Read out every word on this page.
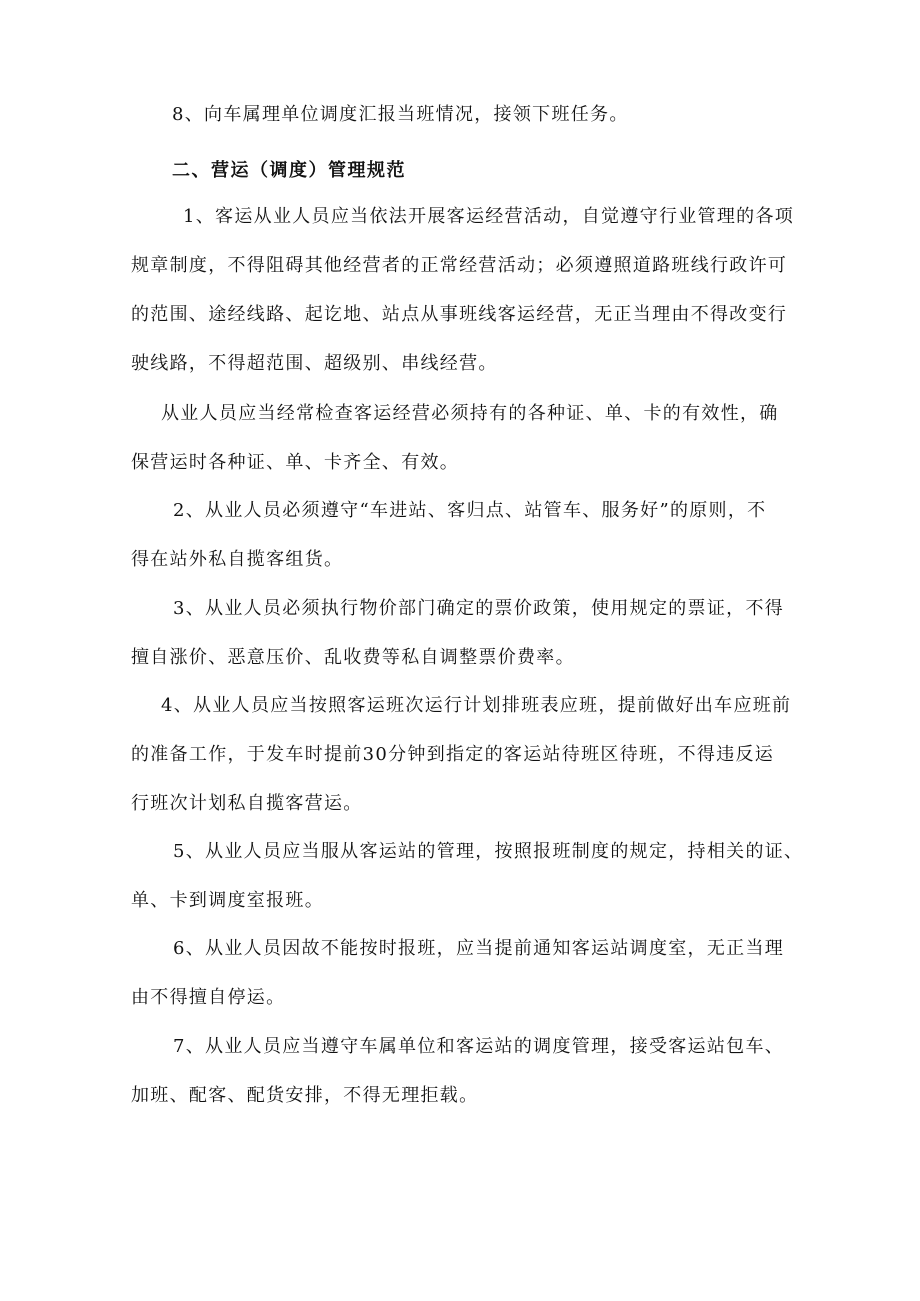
8、向车属理单位调度汇报当班情况，接领下班任务。

二、营运（调度）管理规范

1、客运从业人员应当依法开展客运经营活动，自觉遵守行业管理的各项
规章制度，不得阻碍其他经营者的正常经营活动；必须遵照道路班线行政许可
的范围、途经线路、起讫地、站点从事班线客运经营，无正当理由不得改变行
驶线路，不得超范围、超级别、串线经营。

从业人员应当经常检查客运经营必须持有的各种证、单、卡的有效性，确
保营运时各种证、单、卡齐全、有效。

2、从业人员必须遵守“车进站、客归点、站管车、服务好”的原则，不
得在站外私自揽客组货。

3、从业人员必须执行物价部门确定的票价政策，使用规定的票证，不得
擅自涨价、恶意压价、乱收费等私自调整票价费率。

4、从业人员应当按照客运班次运行计划排班表应班，提前做好出车应班前
的准备工作，于发车时提前30分钟到指定的客运站待班区待班，不得违反运
行班次计划私自揽客营运。

5、从业人员应当服从客运站的管理，按照报班制度的规定，持相关的证、
单、卡到调度室报班。

6、从业人员因故不能按时报班，应当提前通知客运站调度室，无正当理
由不得擅自停运。

7、从业人员应当遵守车属单位和客运站的调度管理，接受客运站包车、
加班、配客、配货安排，不得无理拒载。
